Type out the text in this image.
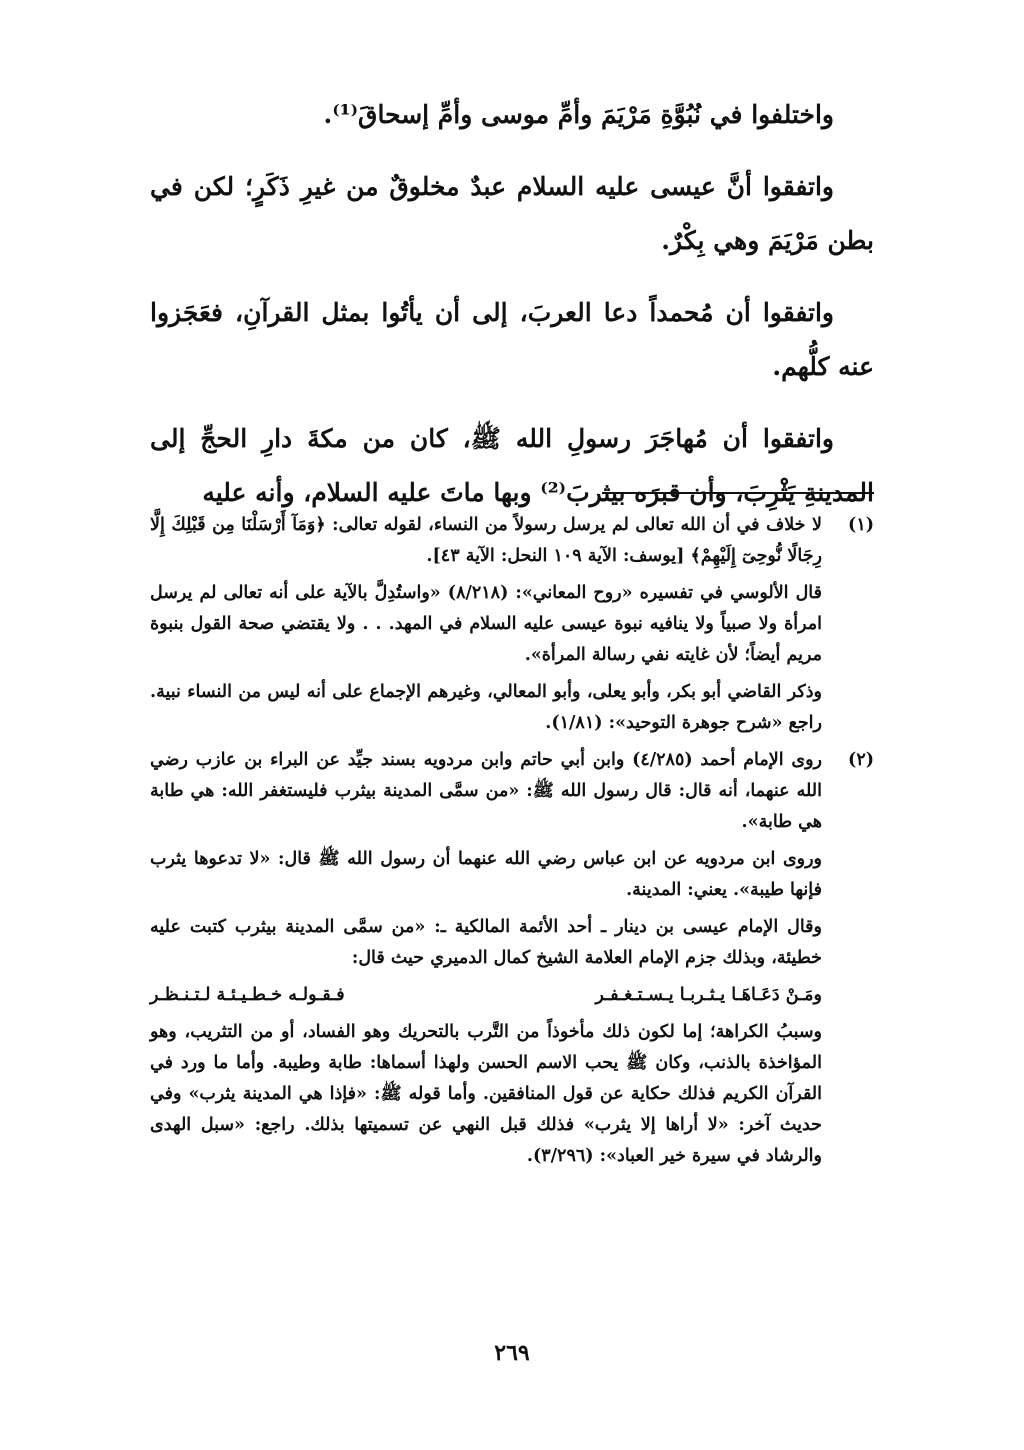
واختلفوا في نُبُوَّةِ مَرْيَمَ وأمِّ موسى وأمِّ إسحاقَ⁽¹⁾.

واتفقوا أنَّ عيسى عليه السلام عبدٌ مخلوقٌ من غيرِ ذَكَرٍ؛ لكن في بطن مَرْيَمَ وهي بِكْرٌ.

واتفقوا أن مُحمداً دعا العربَ، إلى أن يأتُوا بمثل القرآنِ، فعَجَزوا عنه كلُّهم.

واتفقوا أن مُهاجَرَ رسولِ الله ﷺ، كان من مكةَ دارِ الحجِّ إلى المدينةِ يَثْرِبَ، وأن قبرَه بيثربَ⁽²⁾ وبها ماتَ عليه السلام، وأنه عليه

(١)

لا خلاف في أن الله تعالى لم يرسل رسولاً من النساء، لقوله تعالى: ﴿وَمَآ أَرْسَلْنَا مِن قَبْلِكَ إِلَّا رِجَالًا نُّوحِىٓ إِلَيْهِمْ﴾ [يوسف: الآية ١٠٩ النحل: الآية ٤٣].

قال الألوسي في تفسيره «روح المعاني»: (٨/٢١٨) «واستُدِلَّ بالآية على أنه تعالى لم يرسل امرأة ولا صبياً ولا ينافيه نبوة عيسى عليه السلام في المهد. . . ولا يقتضي صحة القول بنبوة مريم أيضاً؛ لأن غايته نفي رسالة المرأة».

وذكر القاضي أبو بكر، وأبو يعلى، وأبو المعالي، وغيرهم الإجماع على أنه ليس من النساء نبية. راجع «شرح جوهرة التوحيد»: (١/٨١).

(٢)

روى الإمام أحمد (٤/٢٨٥) وابن أبي حاتم وابن مردويه بسند جيِّد عن البراء بن عازب رضي الله عنهما، أنه قال: قال رسول الله ﷺ: «من سمَّى المدينة بيثرب فليستغفر الله: هي طابة هي طابة».

وروى ابن مردويه عن ابن عباس رضي الله عنهما أن رسول الله ﷺ قال: «لا تدعوها يثرب فإنها طيبة». يعني: المدينة.

وقال الإمام عيسى بن دينار ـ أحد الأئمة المالكية ـ: «من سمَّى المدينة بيثرب كتبت عليه خطيئة، وبذلك جزم الإمام العلامة الشيخ كمال الدميري حيث قال:

ومَـنْ دَعَـاهَـا يـثـربـا يـسـتـغـفـر
فـقـولـه خـطـيـئـة لـتـنـظـر

وسببُ الكراهة؛ إما لكون ذلك مأخوذاً من التَّرب بالتحريك وهو الفساد، أو من التثريب، وهو المؤاخذة بالذنب، وكان ﷺ يحب الاسم الحسن ولهذا أسماها: طابة وطيبة. وأما ما ورد في القرآن الكريم فذلك حكاية عن قول المنافقين. وأما قوله ﷺ: «فإذا هي المدينة يثرب» وفي حديث آخر: «لا أراها إلا يثرب» فذلك قبل النهي عن تسميتها بذلك. راجع: «سبل الهدى والرشاد في سيرة خير العباد»: (٣/٢٩٦).

٢٦٩
